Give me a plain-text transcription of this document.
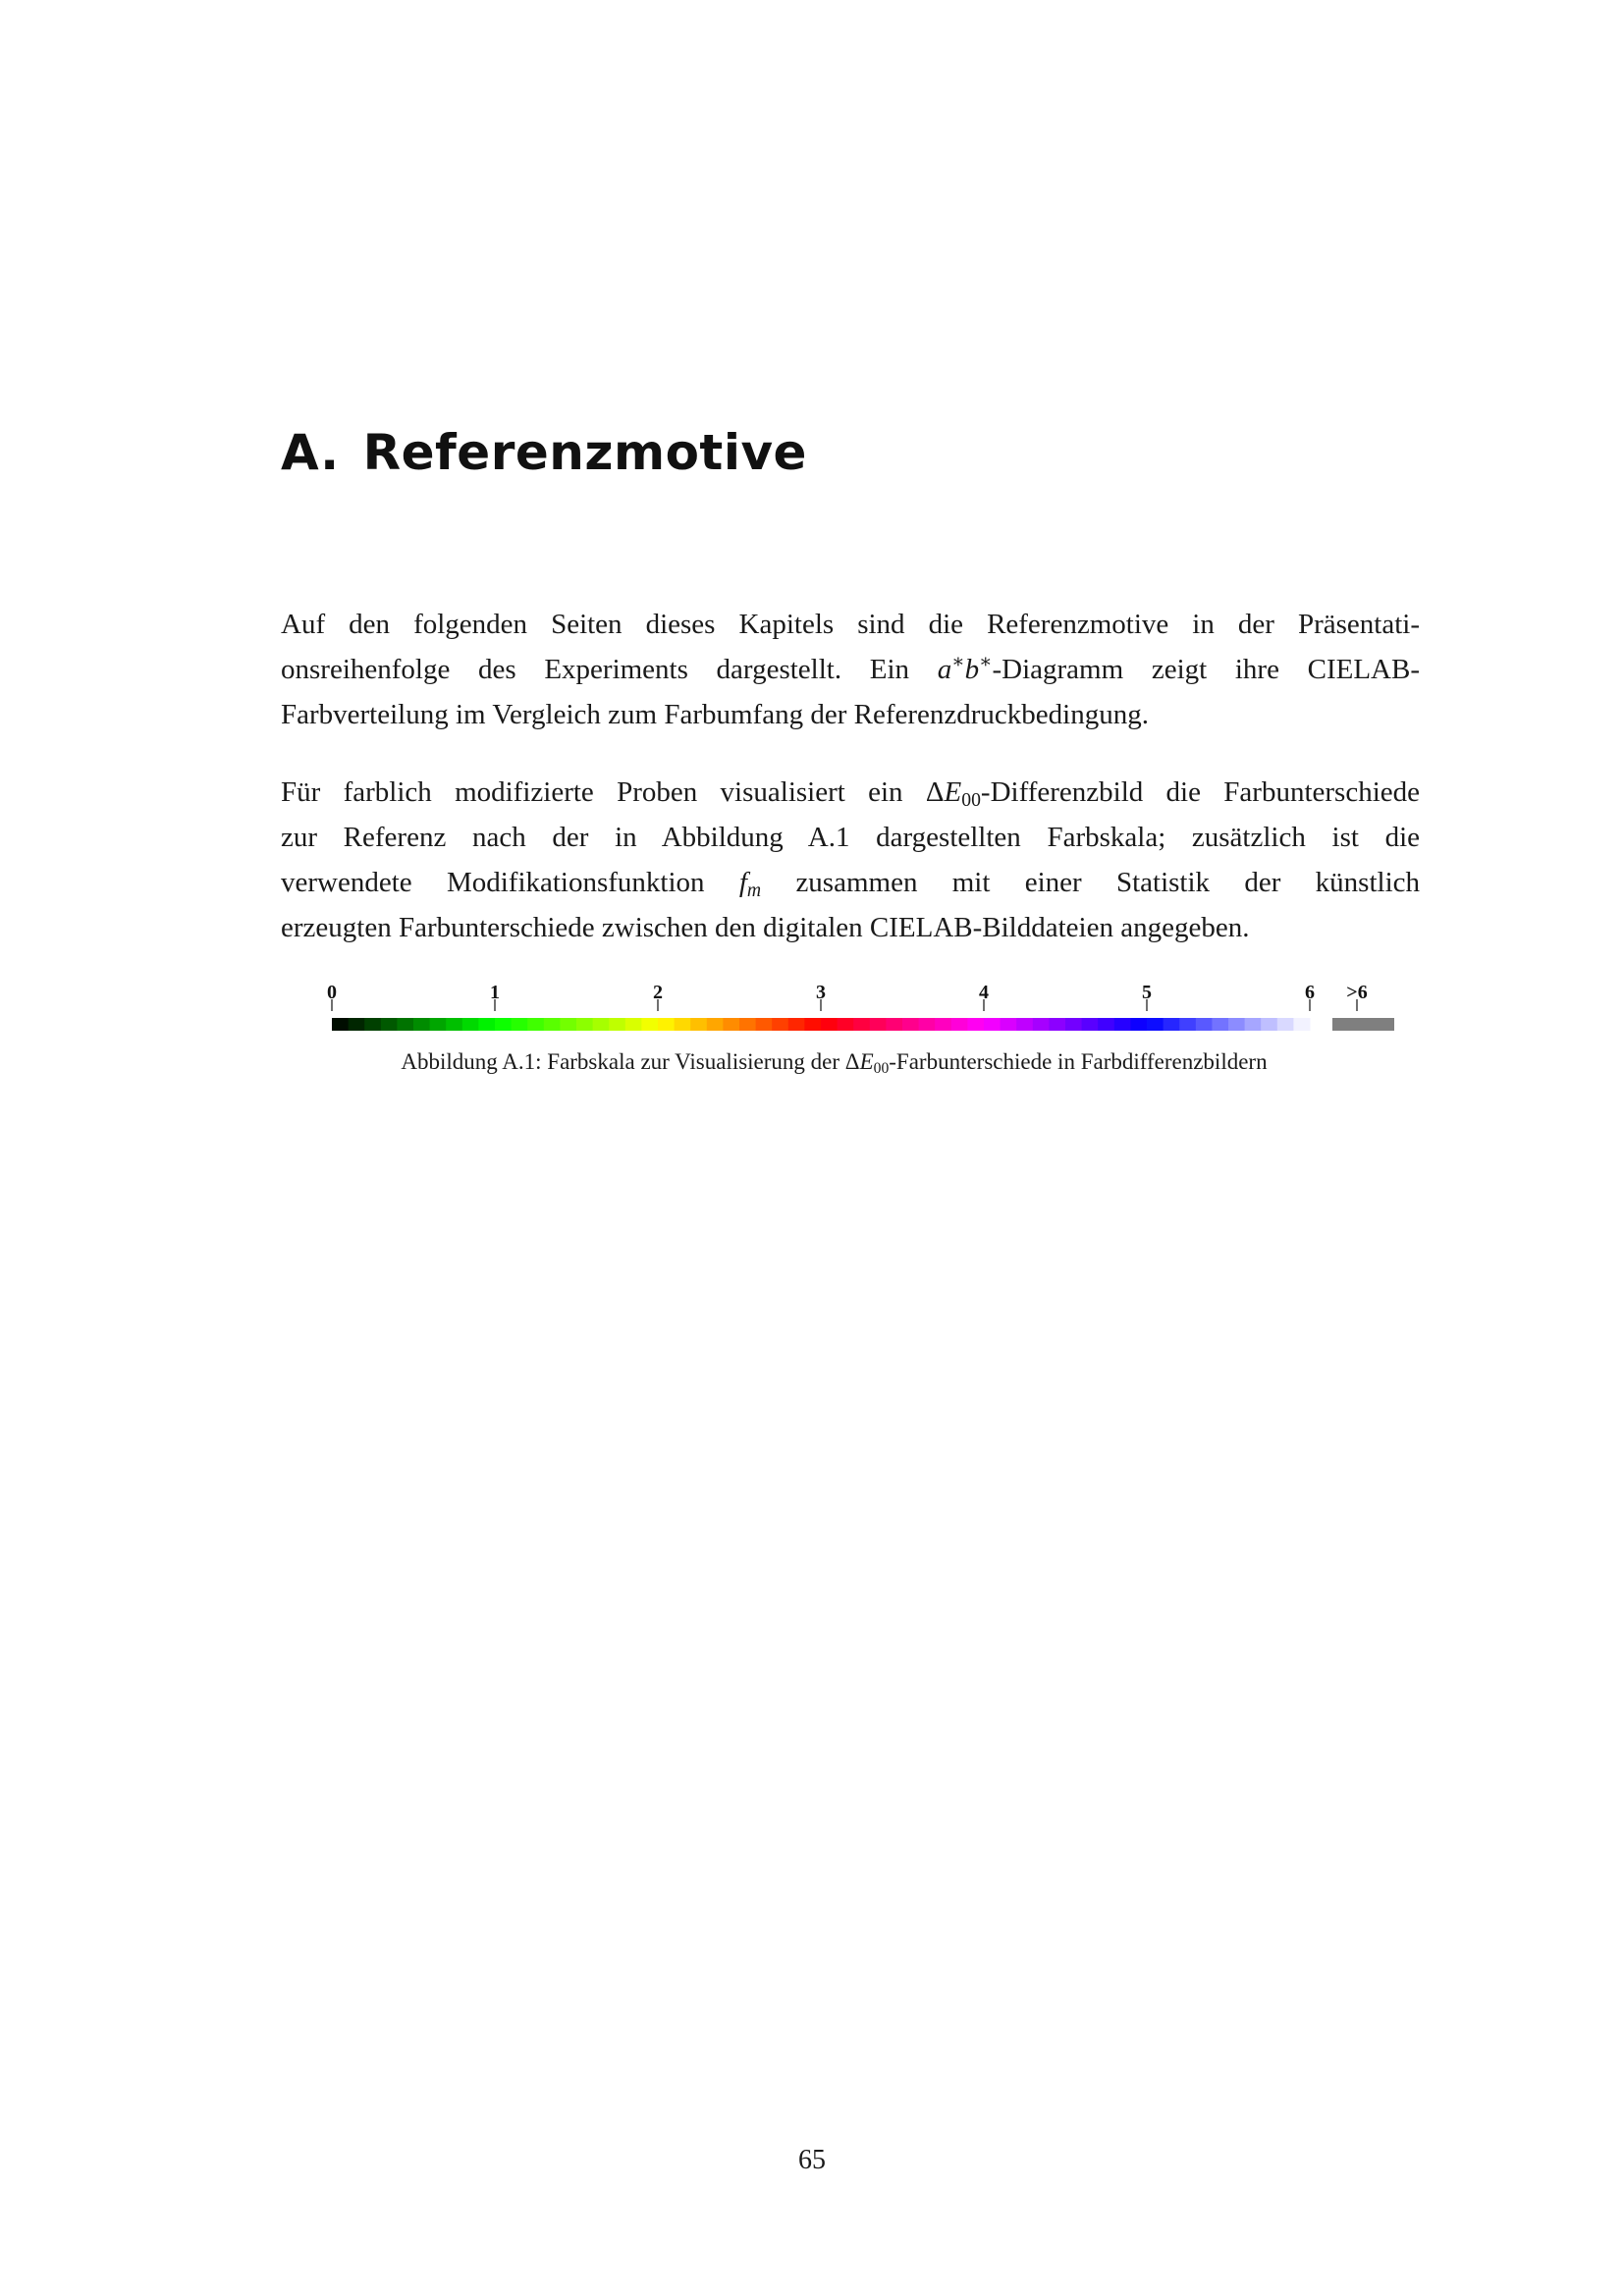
A. Referenzmotive

Auf den folgenden Seiten dieses Kapitels sind die Referenzmotive in der Präsentati-
onsreihenfolge des Experiments dargestellt. Ein a∗b∗-Diagramm zeigt ihre CIELAB-
Farbverteilung im Vergleich zum Farbumfang der Referenzdruckbedingung.

Für farblich modifizierte Proben visualisiert ein $\Delta E_{00}$-Differenzbild die Farbunterschiede
zur Referenz nach der in Abbildung A.1 dargestellten Farbskala; zusätzlich ist die
verwendete Modifikationsfunktion $f_m$ zusammen mit einer Statistik der künstlich
erzeugten Farbunterschiede zwischen den digitalen CIELAB-Bilddateien angegeben.

0	1	2	3	4	5	6 >6

Abbildung A.1: Farbskala zur Visualisierung der $\Delta E_{00}$-Farbunterschiede in Farbdifferenzbildern

65
